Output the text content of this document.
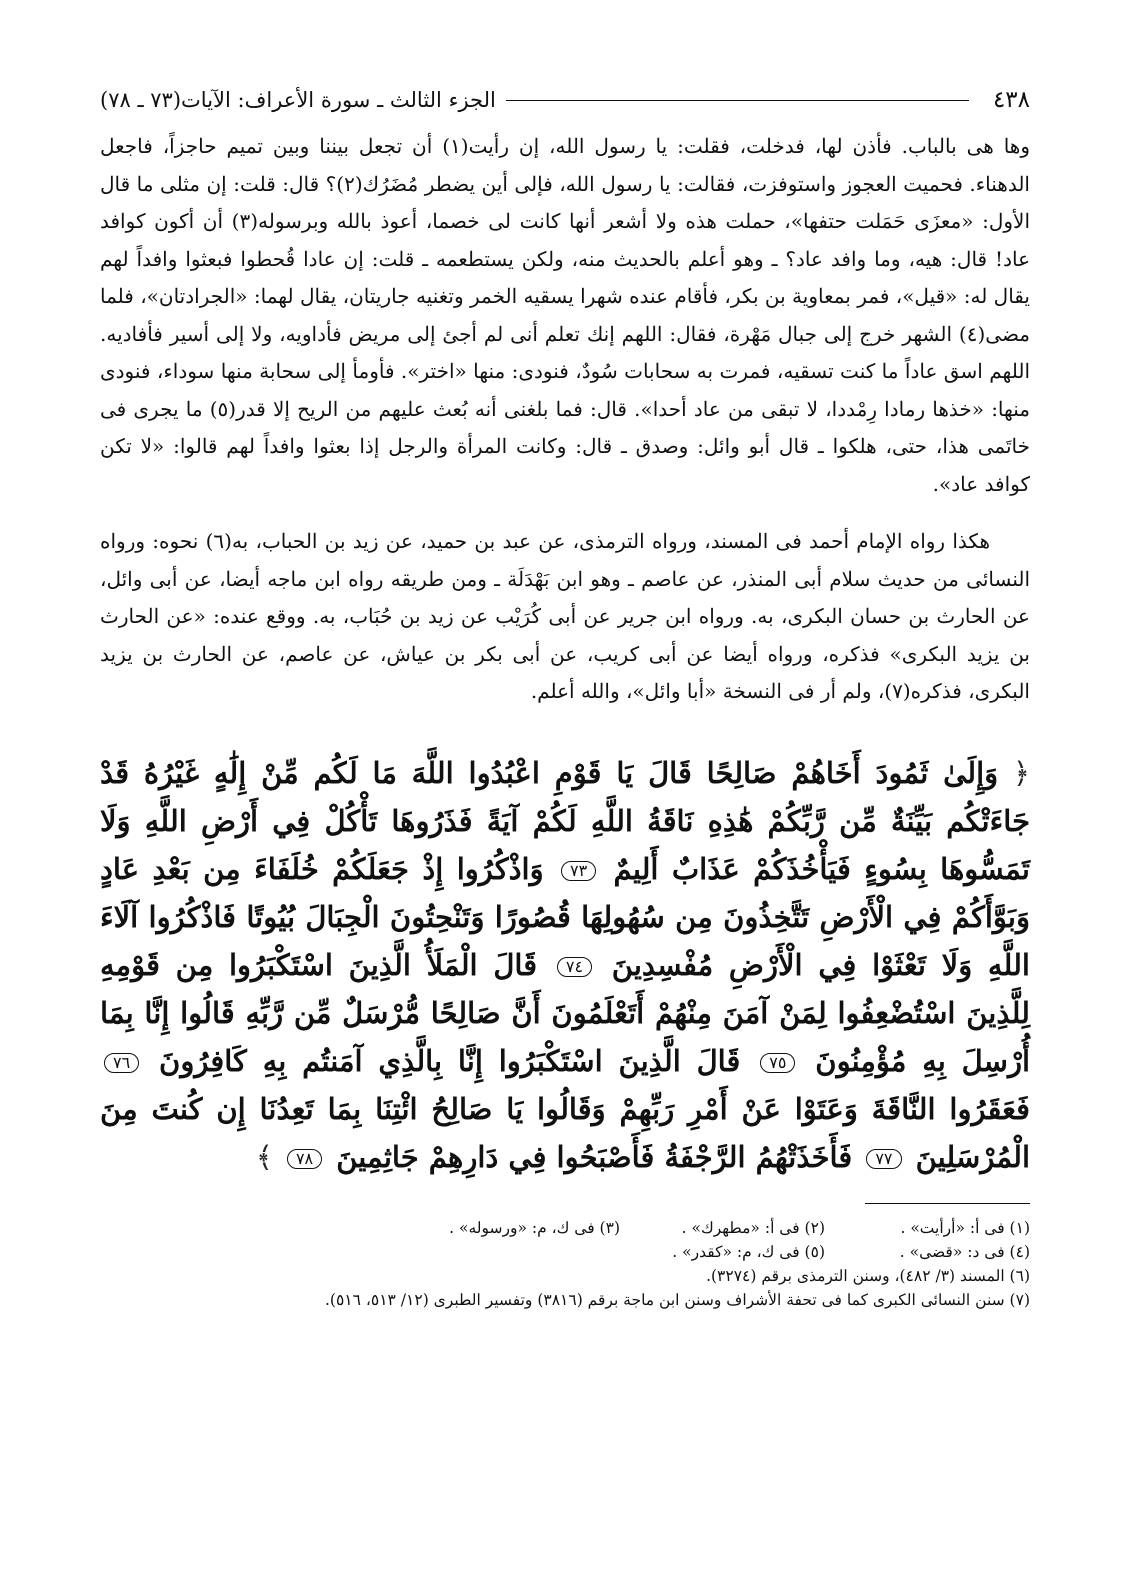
٤٣٨
الجزء الثالث ـ سورة الأعراف: الآيات(٧٣ ـ ٧٨)

وها هى بالباب. فأذن لها، فدخلت، فقلت: يا رسول الله، إن رأيت(١) أن تجعل بيننا وبين تميم حاجزاً، فاجعل الدهناء. فحميت العجوز واستوفزت، فقالت: يا رسول الله، فإلى أين يضطر مُضَرُك(٢)؟ قال: قلت: إن مثلى ما قال الأول: «معزَى حَمَلت حتفها»، حملت هذه ولا أشعر أنها كانت لى خصما، أعوذ بالله وبرسوله(٣) أن أكون كوافد عاد! قال: هيه، وما وافد عاد؟ ـ وهو أعلم بالحديث منه، ولكن يستطعمه ـ قلت: إن عادا قُحطوا فبعثوا وافداً لهم يقال له: «قيل»، فمر بمعاوية بن بكر، فأقام عنده شهرا يسقيه الخمر وتغنيه جاريتان، يقال لهما: «الجرادتان»، فلما مضى(٤) الشهر خرج إلى جبال مَهْرة، فقال: اللهم إنك تعلم أنى لم أجئ إلى مريض فأداويه، ولا إلى أسير فأفاديه. اللهم اسق عاداً ما كنت تسقيه، فمرت به سحابات سُودٌ، فنودى: منها «اختر». فأومأ إلى سحابة منها سوداء، فنودى منها: «خذها رمادا رِمْددا، لا تبقى من عاد أحدا». قال: فما بلغنى أنه بُعث عليهم من الريح إلا قدر(٥) ما يجرى فى خاتَمى هذا، حتى، هلكوا ـ قال أبو وائل: وصدق ـ قال: وكانت المرأة والرجل إذا بعثوا وافداً لهم قالوا: «لا تكن كوافد عاد».

هكذا رواه الإمام أحمد فى المسند، ورواه الترمذى، عن عبد بن حميد، عن زيد بن الحباب، به(٦) نحوه: ورواه النسائى من حديث سلام أبى المنذر، عن عاصم ـ وهو ابن بَهْدَلَة ـ ومن طريقه رواه ابن ماجه أيضا، عن أبى وائل، عن الحارث بن حسان البكرى، به. ورواه ابن جرير عن أبى كُرَيْب عن زيد بن حُبَاب، به. ووقع عنده: «عن الحارث بن يزيد البكرى» فذكره، ورواه أيضا عن أبى كريب، عن أبى بكر بن عياش، عن عاصم، عن الحارث بن يزيد البكرى، فذكره(٧)، ولم أر فى النسخة «أبا وائل»، والله أعلم.

﴿ وَإِلَىٰ ثَمُودَ أَخَاهُمْ صَالِحًا قَالَ يَا قَوْمِ اعْبُدُوا اللَّهَ مَا لَكُم مِّنْ إِلَٰهٍ غَيْرُهُ قَدْ جَاءَتْكُم بَيِّنَةٌ مِّن رَّبِّكُمْ هَٰذِهِ نَاقَةُ اللَّهِ لَكُمْ آيَةً فَذَرُوهَا تَأْكُلْ فِي أَرْضِ اللَّهِ وَلَا تَمَسُّوهَا بِسُوءٍ فَيَأْخُذَكُمْ عَذَابٌ أَلِيمٌ ٧٣ وَاذْكُرُوا إِذْ جَعَلَكُمْ خُلَفَاءَ مِن بَعْدِ عَادٍ وَبَوَّأَكُمْ فِي الْأَرْضِ تَتَّخِذُونَ مِن سُهُولِهَا قُصُورًا وَتَنْحِتُونَ الْجِبَالَ بُيُوتًا فَاذْكُرُوا آلَاءَ اللَّهِ وَلَا تَعْثَوْا فِي الْأَرْضِ مُفْسِدِينَ ٧٤ قَالَ الْمَلَأُ الَّذِينَ اسْتَكْبَرُوا مِن قَوْمِهِ لِلَّذِينَ اسْتُضْعِفُوا لِمَنْ آمَنَ مِنْهُمْ أَتَعْلَمُونَ أَنَّ صَالِحًا مُّرْسَلٌ مِّن رَّبِّهِ قَالُوا إِنَّا بِمَا أُرْسِلَ بِهِ مُؤْمِنُونَ ٧٥ قَالَ الَّذِينَ اسْتَكْبَرُوا إِنَّا بِالَّذِي آمَنتُم بِهِ كَافِرُونَ ٧٦ فَعَقَرُوا النَّاقَةَ وَعَتَوْا عَنْ أَمْرِ رَبِّهِمْ وَقَالُوا يَا صَالِحُ ائْتِنَا بِمَا تَعِدُنَا إِن كُنتَ مِنَ الْمُرْسَلِينَ ٧٧ فَأَخَذَتْهُمُ الرَّجْفَةُ فَأَصْبَحُوا فِي دَارِهِمْ جَاثِمِينَ ٧٨ ﴾
(١) فى أ: «أرأيت» .
(٢) فى أ: «مطهرك» .
(٣) فى ك، م: «ورسوله» .
(٤) فى د: «قضى» .
(٥) فى ك، م: «كقدر» .
(٦) المسند (٣/ ٤٨٢)، وسنن الترمذى برقم (٣٢٧٤).
(٧) سنن النسائى الكبرى كما فى تحفة الأشراف وسنن ابن ماجة برقم (٣٨١٦) وتفسير الطبرى (١٢/ ٥١٣، ٥١٦).
